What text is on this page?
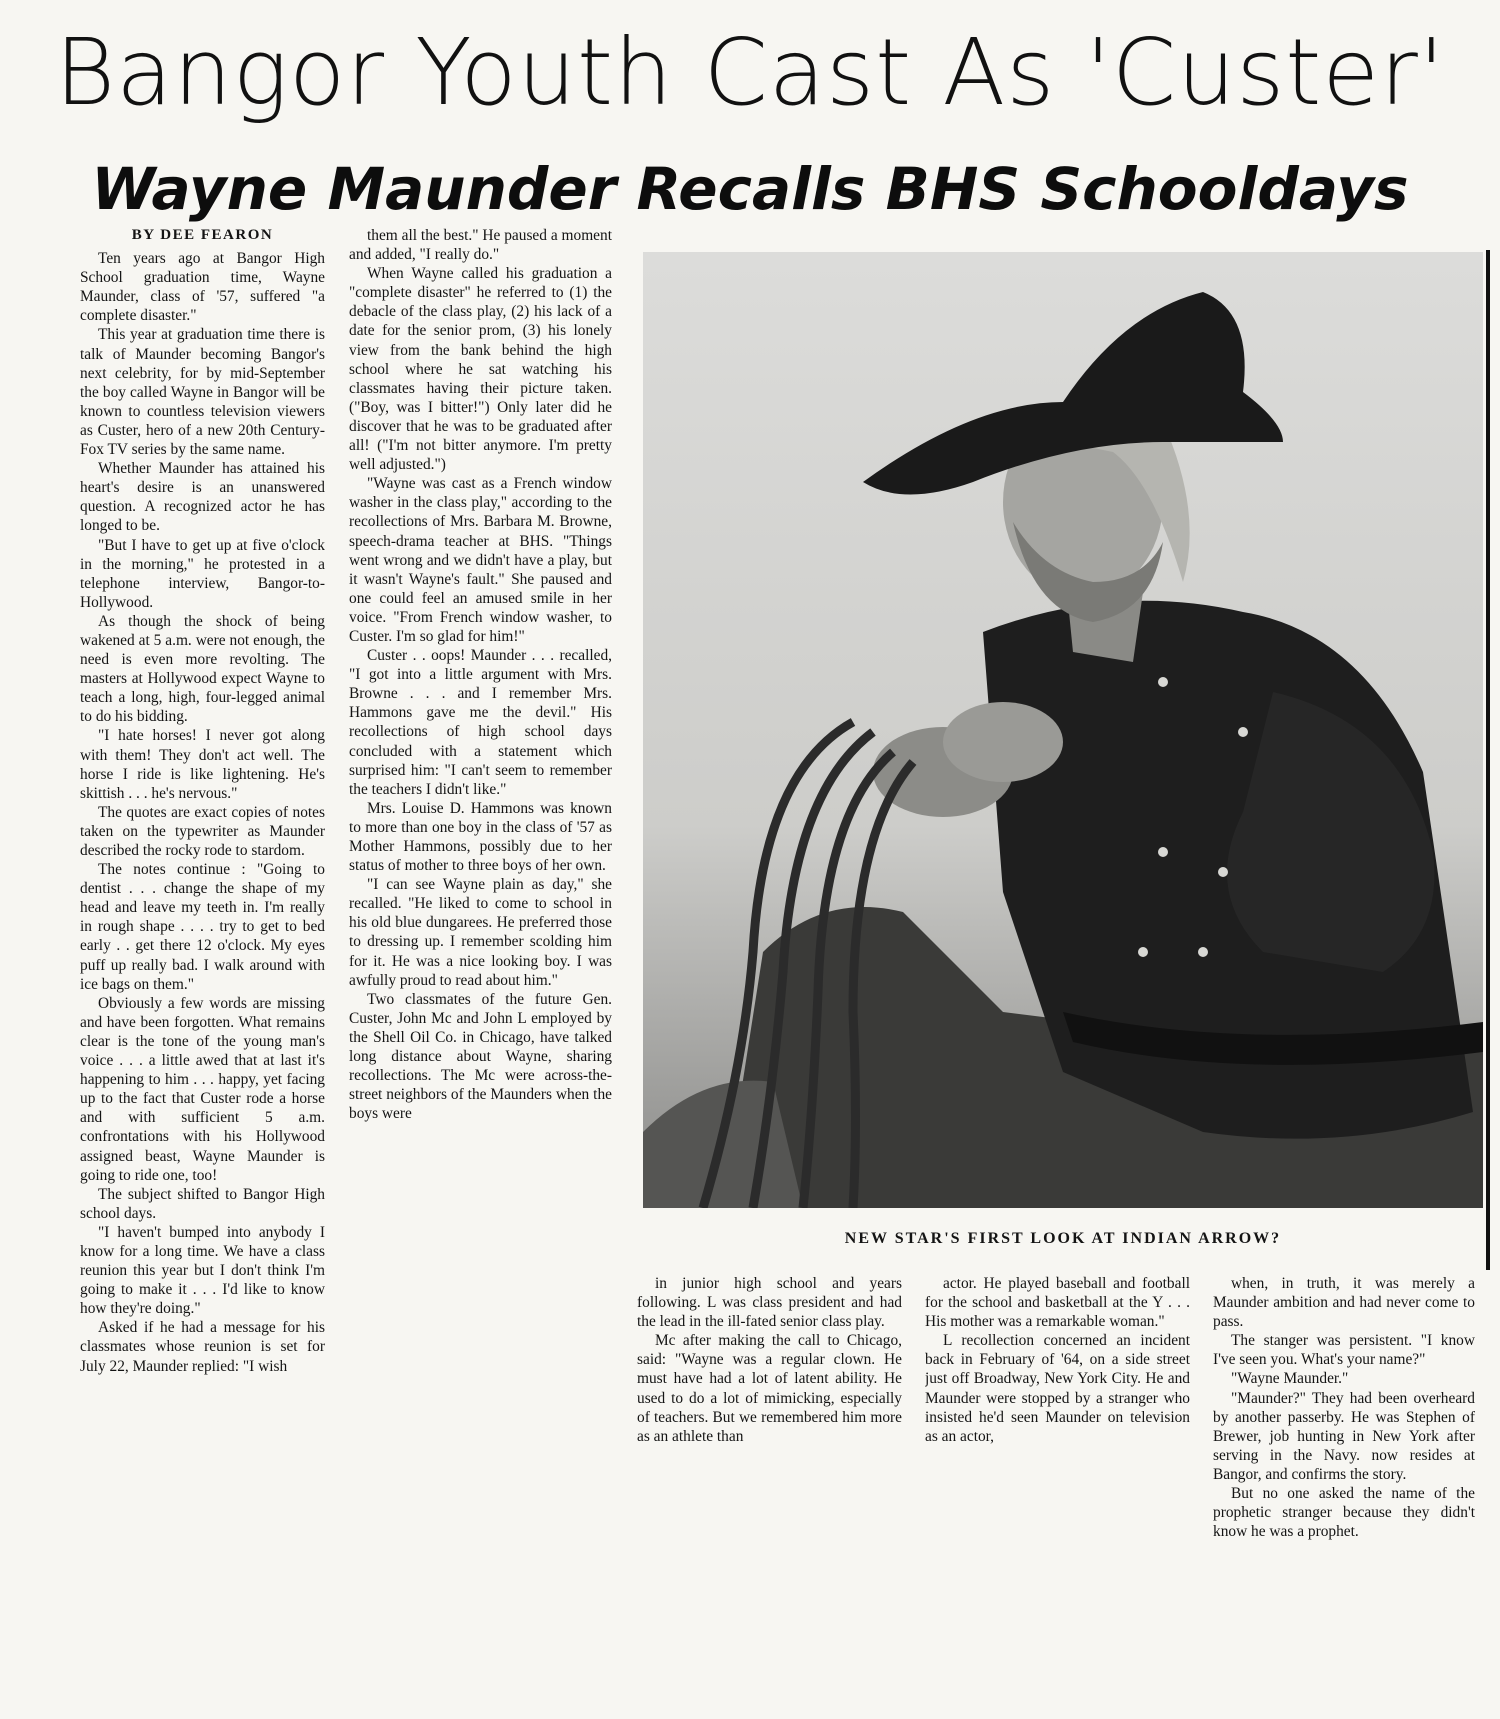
Bangor Youth Cast As 'Custer'
Wayne Maunder Recalls BHS Schooldays

BY DEE FEARON

Ten years ago at Bangor High School graduation time, Wayne Maunder, class of '57, suffered "a complete disaster."

This year at graduation time there is talk of Maunder becoming Bangor's next celebrity, for by mid-September the boy called Wayne in Bangor will be known to countless television viewers as Custer, hero of a new 20th Century-Fox TV series by the same name.

Whether Maunder has attained his heart's desire is an unanswered question. A recognized actor he has longed to be.

"But I have to get up at five o'clock in the morning," he protested in a telephone interview, Bangor-to-Hollywood.

As though the shock of being wakened at 5 a.m. were not enough, the need is even more revolting. The masters at Hollywood expect Wayne to teach a long, high, four-legged animal to do his bidding.

"I hate horses! I never got along with them! They don't act well. The horse I ride is like lightening. He's skittish . . . he's nervous."

The quotes are exact copies of notes taken on the typewriter as Maunder described the rocky rode to stardom.

The notes continue : "Going to dentist . . . change the shape of my head and leave my teeth in. I'm really in rough shape . . . . try to get to bed early . . get there 12 o'clock. My eyes puff up really bad. I walk around with ice bags on them."

Obviously a few words are missing and have been forgotten. What remains clear is the tone of the young man's voice . . . a little awed that at last it's happening to him . . . happy, yet facing up to the fact that Custer rode a horse and with sufficient 5 a.m. confrontations with his Hollywood assigned beast, Wayne Maunder is going to ride one, too!

The subject shifted to Bangor High school days.

"I haven't bumped into anybody I know for a long time. We have a class reunion this year but I don't think I'm going to make it . . . I'd like to know how they're doing."

Asked if he had a message for his classmates whose reunion is set for July 22, Maunder replied: "I wish

them all the best." He paused a moment and added, "I really do."

When Wayne called his graduation a "complete disaster" he referred to (1) the debacle of the class play, (2) his lack of a date for the senior prom, (3) his lonely view from the bank behind the high school where he sat watching his classmates having their picture taken. ("Boy, was I bitter!") Only later did he discover that he was to be graduated after all! ("I'm not bitter anymore. I'm pretty well adjusted.")

"Wayne was cast as a French window washer in the class play," according to the recollections of Mrs. Barbara M. Browne, speech-drama teacher at BHS. "Things went wrong and we didn't have a play, but it wasn't Wayne's fault." She paused and one could feel an amused smile in her voice. "From French window washer, to Custer. I'm so glad for him!"

Custer . . oops! Maunder . . . recalled, "I got into a little argument with Mrs. Browne . . . and I remember Mrs. Hammons gave me the devil." His recollections of high school days concluded with a statement which surprised him: "I can't seem to remember the teachers I didn't like."

Mrs. Louise D. Hammons was known to more than one boy in the class of '57 as Mother Hammons, possibly due to her status of mother to three boys of her own.

"I can see Wayne plain as day," she recalled. "He liked to come to school in his old blue dungarees. He preferred those to dressing up. I remember scolding him for it. He was a nice looking boy. I was awfully proud to read about him."

Two classmates of the future Gen. Custer, John Mc and John L employed by the Shell Oil Co. in Chicago, have talked long distance about Wayne, sharing recollections. The Mc were across-the-street neighbors of the Maunders when the boys were

NEW STAR'S FIRST LOOK AT INDIAN ARROW?

in junior high school and years following. L was class president and had the lead in the ill-fated senior class play.

Mc after making the call to Chicago, said: "Wayne was a regular clown. He must have had a lot of latent ability. He used to do a lot of mimicking, especially of teachers. But we remembered him more as an athlete than

actor. He played baseball and football for the school and basketball at the Y . . . His mother was a remarkable woman."

L recollection concerned an incident back in February of '64, on a side street just off Broadway, New York City. He and Maunder were stopped by a stranger who insisted he'd seen Maunder on television as an actor,

when, in truth, it was merely a Maunder ambition and had never come to pass.

The stanger was persistent. "I know I've seen you. What's your name?"

"Wayne Maunder."

"Maunder?" They had been overheard by another passerby. He was Stephen of Brewer, job hunting in New York after serving in the Navy. now resides at Bangor, and confirms the story.

But no one asked the name of the prophetic stranger because they didn't know he was a prophet.
